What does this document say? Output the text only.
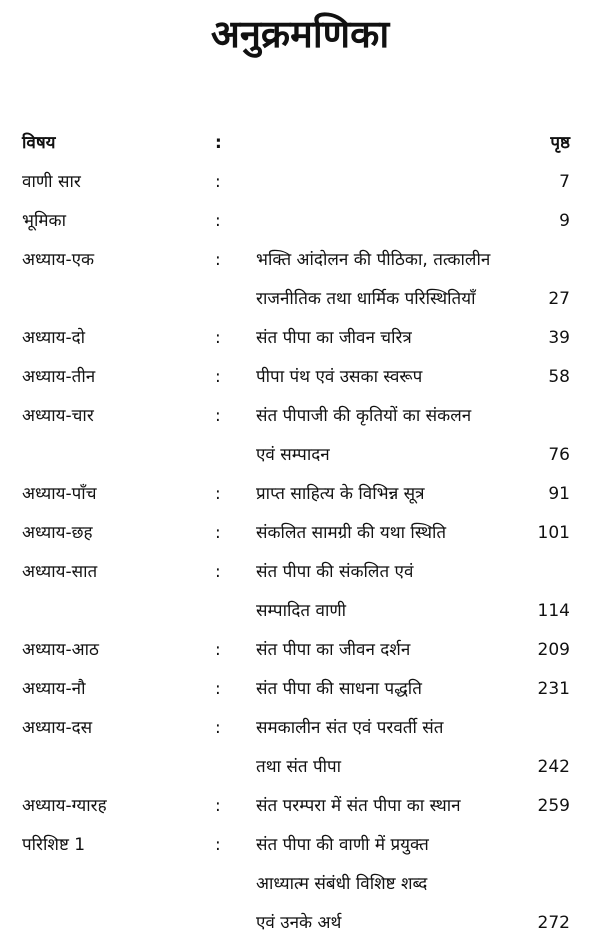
अनुक्रमणिका
विषय	:	पृष्ठ
वाणी सार	:	7
भूमिका	:	9
अध्याय-एक	: भक्ति आंदोलन की पीठिका, तत्कालीन
राजनीतिक तथा धार्मिक परिस्थितियाँ	27
अध्याय-दो	: संत पीपा का जीवन चरित्र	39
अध्याय-तीन	: पीपा पंथ एवं उसका स्वरूप	58
अध्याय-चार	: संत पीपाजी की कृतियों का संकलन
एवं सम्पादन	76
अध्याय-पाँच	: प्राप्त साहित्य के विभिन्न सूत्र	91
अध्याय-छह	: संकलित सामग्री की यथा स्थिति	101
अध्याय-सात	: संत पीपा की संकलित एवं
सम्पादित वाणी	114
अध्याय-आठ	: संत पीपा का जीवन दर्शन	209
अध्याय-नौ	: संत पीपा की साधना पद्धति	231
अध्याय-दस	: समकालीन संत एवं परवर्ती संत
तथा संत पीपा	242
अध्याय-ग्यारह	: संत परम्परा में संत पीपा का स्थान	259
परिशिष्ट 1	: संत पीपा की वाणी में प्रयुक्त
आध्यात्म संबंधी विशिष्ट शब्द
एवं उनके अर्थ	272
